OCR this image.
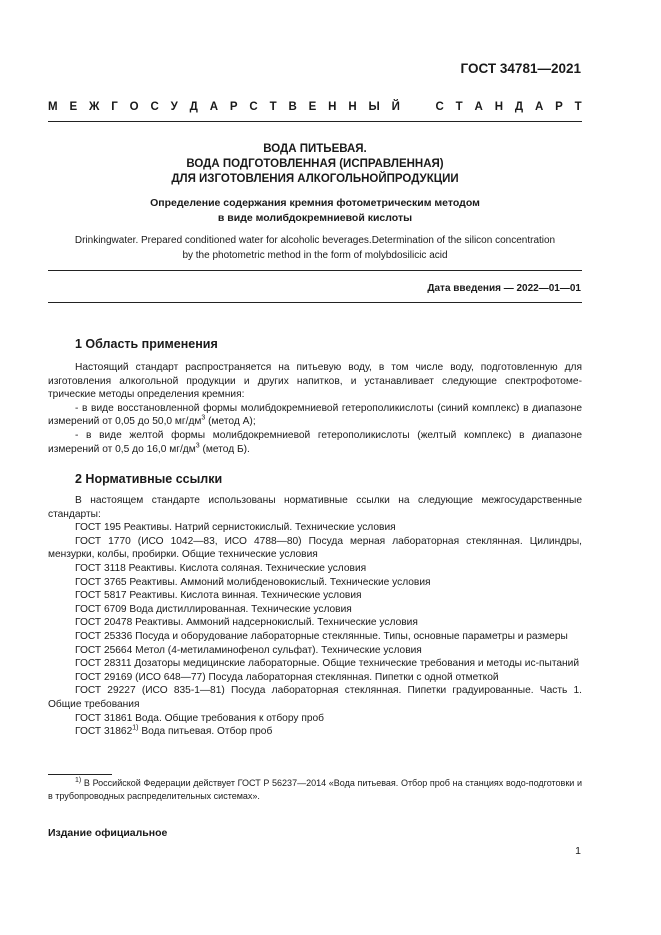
ГОСТ 34781—2021
М Е Ж Г О С У Д А Р С Т В Е Н Н Ы Й	С Т А Н Д А Р Т
ВОДА ПИТЬЕВАЯ.
ВОДА ПОДГОТОВЛЕННАЯ (ИСПРАВЛЕННАЯ)
ДЛЯ ИЗГОТОВЛЕНИЯ АЛКОГОЛЬНОЙПРОДУКЦИИ
Определение содержания кремния фотометрическим методом
в виде молибдокремниевой кислоты
Drinkingwater. Prepared conditioned water for alcoholic beverages.Determination of the silicon concentration
by the photometric method in the form of molybdosilicic acid
Дата введения — 2022—01—01
1 Область применения

Настоящий стандарт распространяется на питьевую воду, в том числе воду, подготовленную для изготовления алкогольной продукции и других напитков, и устанавливает следующие спектрофотоме-трические методы определения кремния:

- в виде восстановленной формы молибдокремниевой гетерополикислоты (синий комплекс) в диапазоне измерений от 0,05 до 50,0 $мг/дм^3$ (метод А);

- в виде желтой формы молибдокремниевой гетерополикислоты (желтый комплекс) в диапазоне измерений от 0,5 до 16,0 $мг/дм^3$ (метод Б).

2 Нормативные ссылки
В настоящем стандарте использованы нормативные ссылки на следующие межгосударственные стандарты:
ГОСТ 195 Реактивы. Натрий сернистокислый. Технические условия
ГОСТ 1770 (ИСО 1042—83, ИСО 4788—80) Посуда мерная лабораторная стеклянная. Цилиндры, мензурки, колбы, пробирки. Общие технические условия
ГОСТ 3118 Реактивы. Кислота соляная. Технические условия
ГОСТ 3765 Реактивы. Аммоний молибденовокислый. Технические условия
ГОСТ 5817 Реактивы. Кислота винная. Технические условия
ГОСТ 6709 Вода дистиллированная. Технические условия
ГОСТ 20478 Реактивы. Аммоний надсернокислый. Технические условия
ГОСТ 25336 Посуда и оборудование лабораторные стеклянные. Типы, основные параметры и размеры
ГОСТ 25664 Метол (4-метиламинофенол сульфат). Технические условия
ГОСТ 28311 Дозаторы медицинские лабораторные. Общие технические требования и методы ис-пытаний
ГОСТ 29169 (ИСО 648—77) Посуда лабораторная стеклянная. Пипетки с одной отметкой
ГОСТ 29227 (ИСО 835-1—81) Посуда лабораторная стеклянная. Пипетки градуированные. Часть 1. Общие требования
ГОСТ 31861 Вода. Общие требования к отбору проб
ГОСТ 31862$^{1)}$ Вода питьевая. Отбор проб
$^{1)}$ В Российской Федерации действует ГОСТ Р 56237—2014 «Вода питьевая. Отбор проб на станциях водо-подготовки и в трубопроводных распределительных системах».
Издание официальное
1
